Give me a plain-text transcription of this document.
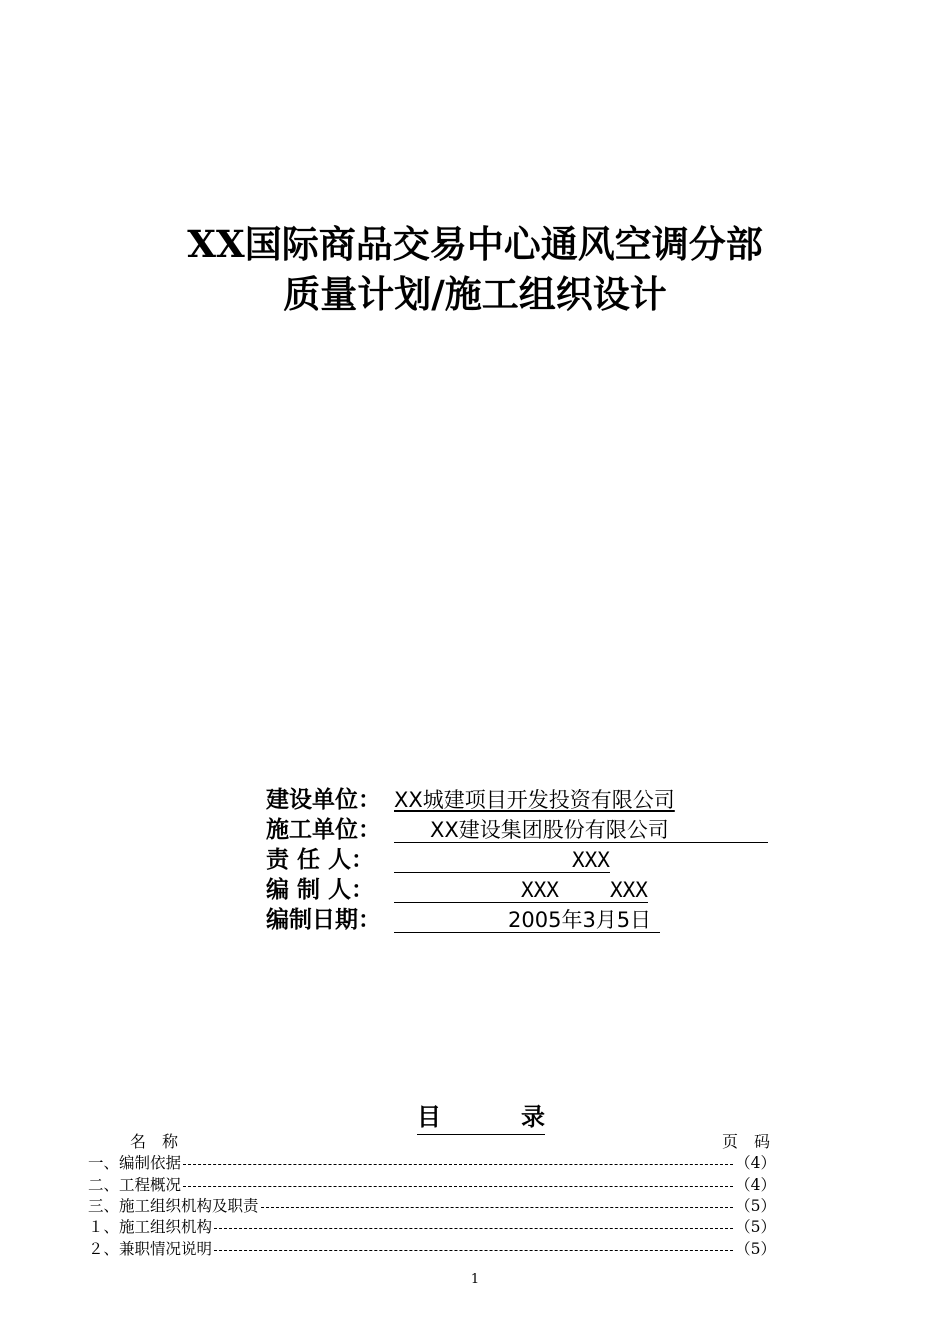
XX国际商品交易中心通风空调分部
质量计划/施工组织设计
建设单位： XX城建项目开发投资有限公司
施工单位： XX建设集团股份有限公司
责 任 人：	XXX
编 制 人：	XXX XXX
编制日期：	2005年3月5日
目	录
名　称	页　码
一、编制依据	（4）
二、工程概况	（4）
三、施工组织机构及职责	（5）
１、施工组织机构	（5）
２、兼职情况说明	（5）
1
